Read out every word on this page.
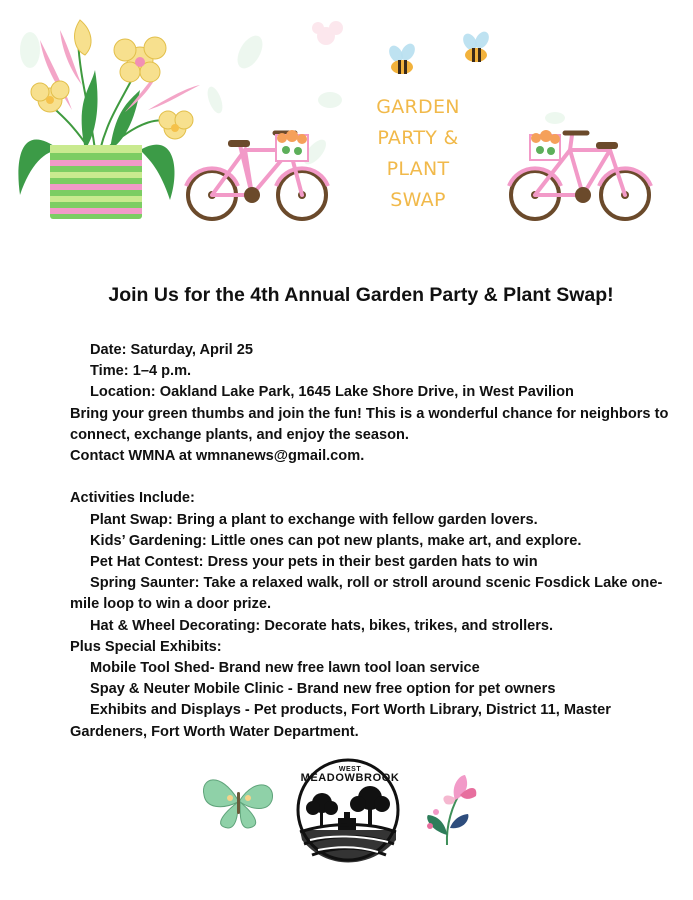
GARDEN
PARTY &
PLANT
SWAP
Join Us for the 4th Annual Garden Party & Plant Swap!
Date: Saturday, April 25
Time: 1–4 p.m.
Location: Oakland Lake Park, 1645 Lake Shore Drive, in West Pavilion
Bring your green thumbs and join the fun! This is a wonderful chance for neighbors to connect, exchange plants, and enjoy the season.
Contact WMNA at wmnanews@gmail.com.
Activities Include:
Plant Swap: Bring a plant to exchange with fellow garden lovers.
Kids’ Gardening: Little ones can pot new plants, make art, and explore.
Pet Hat Contest: Dress your pets in their best garden hats to win
Spring Saunter: Take a relaxed walk, roll or stroll around scenic Fosdick Lake one-mile loop to win a door prize.
Hat & Wheel Decorating: Decorate hats, bikes, trikes, and strollers.
Plus Special Exhibits:
Mobile Tool Shed- Brand new free lawn tool loan service
Spay & Neuter Mobile Clinic - Brand new free option for pet owners
Exhibits and Displays - Pet products, Fort Worth Library, District 11, Master Gardeners, Fort Worth Water Department.
WEST
MEADOWBROOK
